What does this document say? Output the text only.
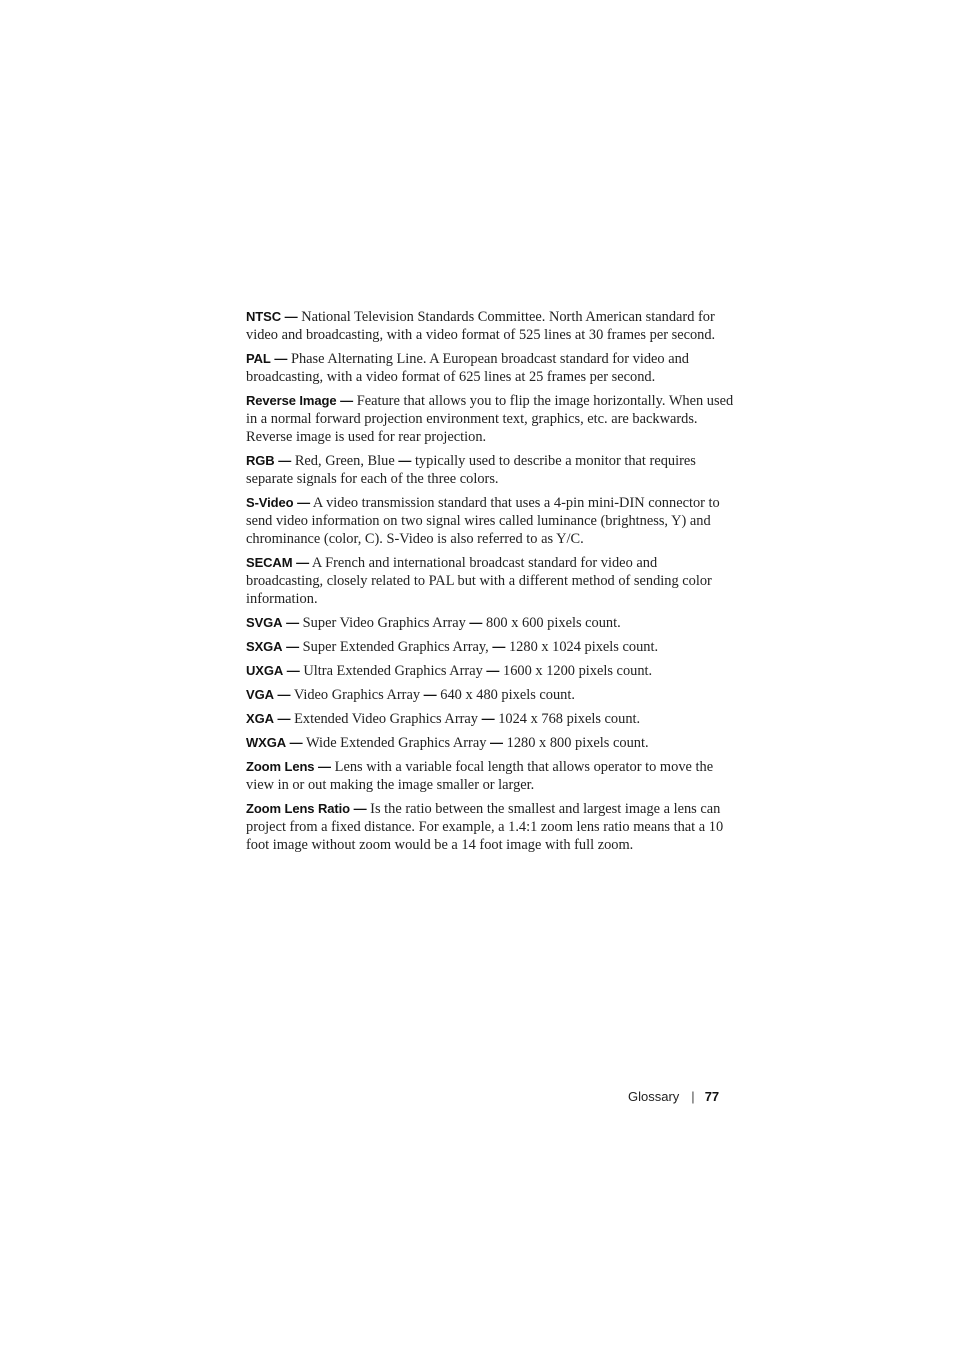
NTSC — National Television Standards Committee. North American standard for video and broadcasting, with a video format of 525 lines at 30 frames per second.

PAL — Phase Alternating Line. A European broadcast standard for video and broadcasting, with a video format of 625 lines at 25 frames per second.

Reverse Image — Feature that allows you to flip the image horizontally. When used in a normal forward projection environment text, graphics, etc. are backwards. Reverse image is used for rear projection.

RGB — Red, Green, Blue — typically used to describe a monitor that requires separate signals for each of the three colors.

S-Video — A video transmission standard that uses a 4-pin mini-DIN connector to send video information on two signal wires called luminance (brightness, Y) and chrominance (color, C). S-Video is also referred to as Y/C.

SECAM — A French and international broadcast standard for video and broadcasting, closely related to PAL but with a different method of sending color information.

SVGA — Super Video Graphics Array — 800 x 600 pixels count.

SXGA — Super Extended Graphics Array, — 1280 x 1024 pixels count.

UXGA — Ultra Extended Graphics Array — 1600 x 1200 pixels count.

VGA — Video Graphics Array — 640 x 480 pixels count.

XGA — Extended Video Graphics Array — 1024 x 768 pixels count.

WXGA — Wide Extended Graphics Array — 1280 x 800 pixels count.

Zoom Lens — Lens with a variable focal length that allows operator to move the view in or out making the image smaller or larger.

Zoom Lens Ratio — Is the ratio between the smallest and largest image a lens can project from a fixed distance. For example, a 1.4:1 zoom lens ratio means that a 10 foot image without zoom would be a 14 foot image with full zoom.

Glossary | 77
